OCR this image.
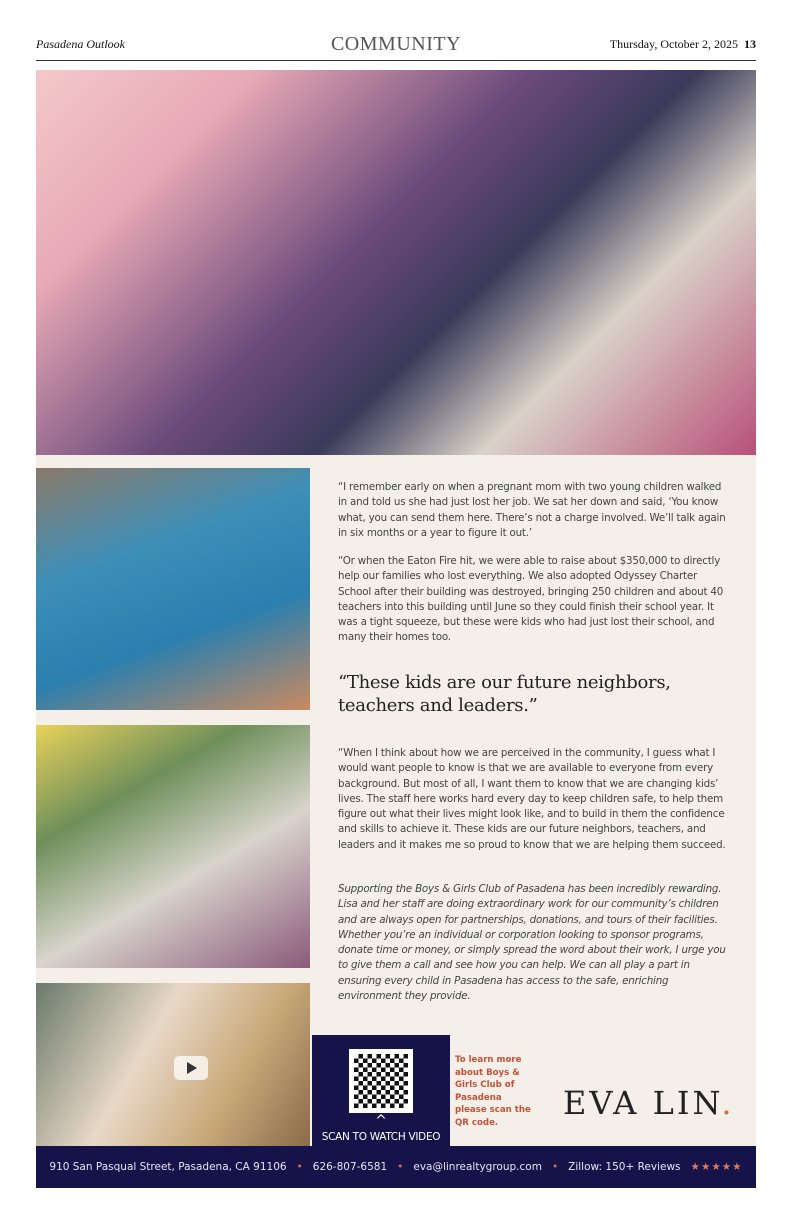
Pasadena Outlook	COMMUNITY	Thursday, October 2, 2025 13

“I remember early on when a pregnant mom with two young children walked in and told us she had just lost her job. We sat her down and said, ‘You know what, you can send them here. There’s not a charge involved. We’ll talk again in six months or a year to figure it out.’

“Or when the Eaton Fire hit, we were able to raise about $350,000 to directly help our families who lost everything. We also adopted Odyssey Charter School after their building was destroyed, bringing 250 children and about 40 teachers into this building until June so they could finish their school year. It was a tight squeeze, but these were kids who had just lost their school, and many their homes too.

“These kids are our future neighbors, teachers and leaders.”

“When I think about how we are perceived in the community, I guess what I would want people to know is that we are available to everyone from every background. But most of all, I want them to know that we are changing kids’ lives. The staff here works hard every day to keep children safe, to help them figure out what their lives might look like, and to build in them the confidence and skills to achieve it. These kids are our future neighbors, teachers, and leaders and it makes me so proud to know that we are helping them succeed.

Supporting the Boys & Girls Club of Pasadena has been incredibly rewarding. Lisa and her staff are doing extraordinary work for our community’s children and are always open for partnerships, donations, and tours of their facilities. Whether you’re an individual or corporation looking to sponsor programs, donate time or money, or simply spread the word about their work, I urge you to give them a call and see how you can help. We can all play a part in ensuring every child in Pasadena has access to the safe, enriching environment they provide.

^
SCAN TO WATCH VIDEO

To learn more about Boys & Girls Club of Pasadena please scan the QR code.

EVA LIN.
910 San Pasqual Street, Pasadena, CA 91106 • 626-807-6581 • eva@linrealtygroup.com • Zillow: 150+ Reviews ★★★★★
